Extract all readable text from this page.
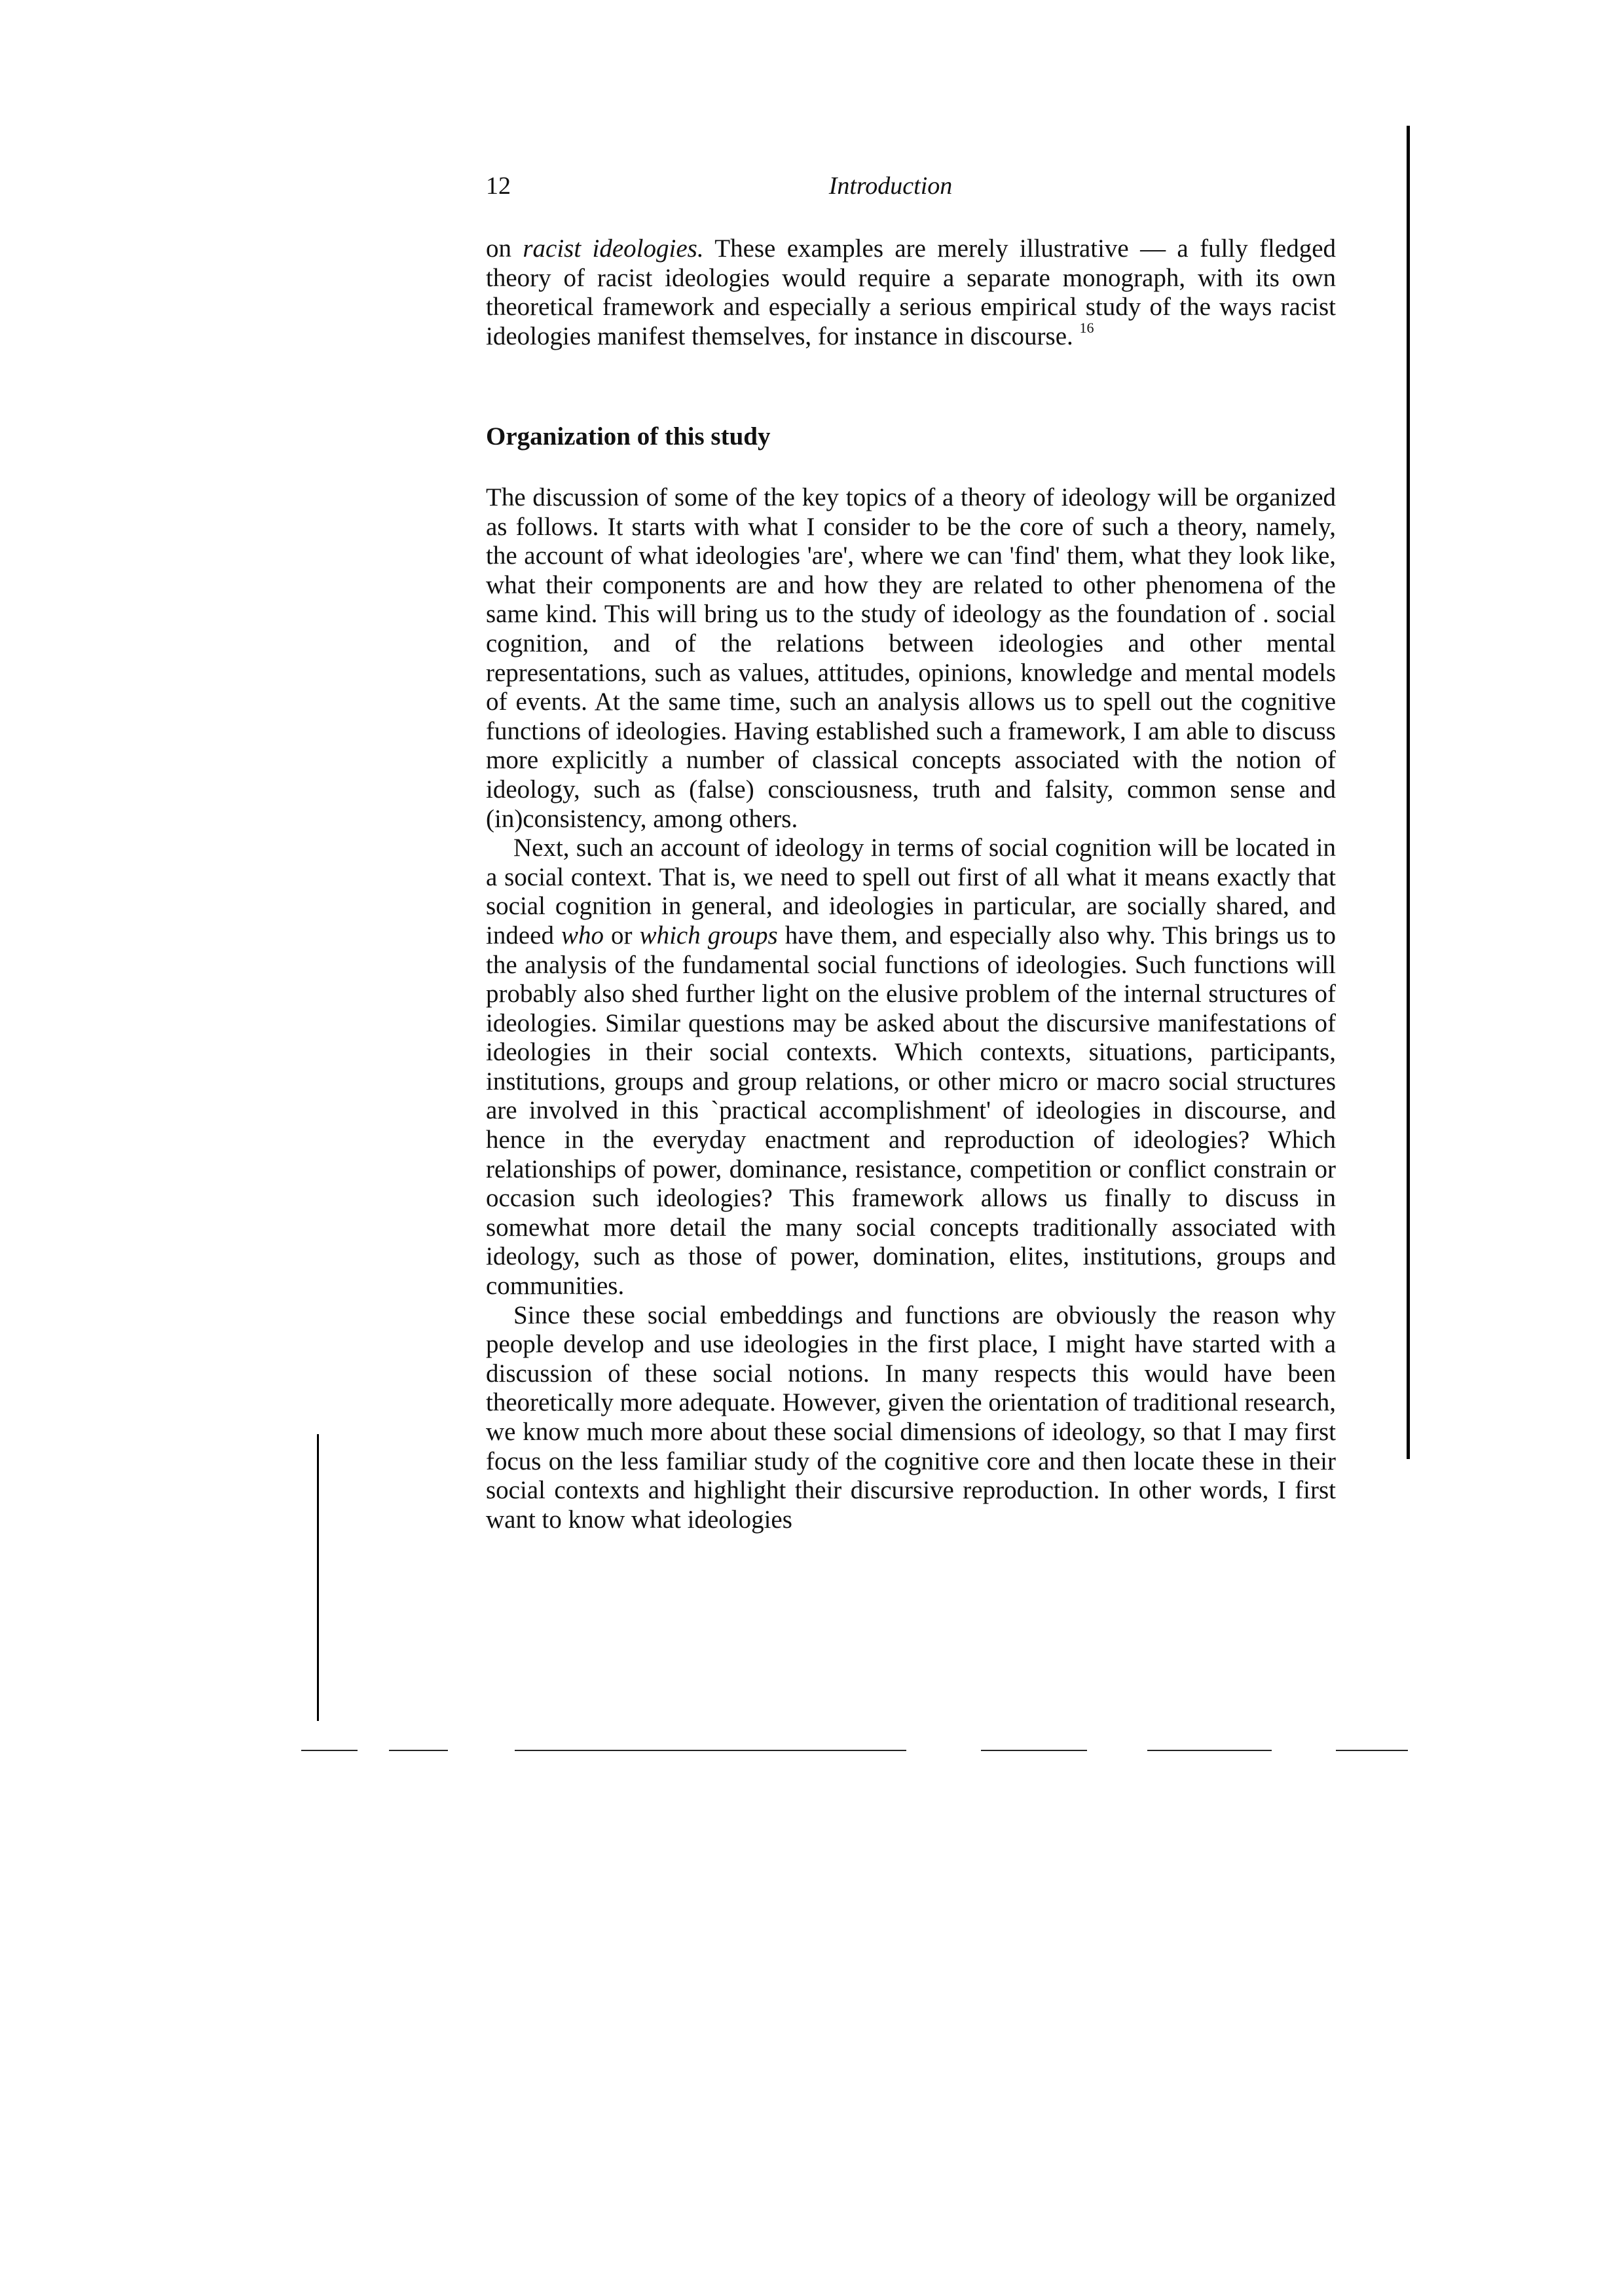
12	Introduction

on racist ideologies. These examples are merely illustrative — a fully fledged theory of racist ideologies would require a separate monograph, with its own theoretical framework and especially a serious empirical study of the ways racist ideologies manifest themselves, for instance in discourse. $^{16}$

Organization of this study

The discussion of some of the key topics of a theory of ideology will be organized as follows. It starts with what I consider to be the core of such a theory, namely, the account of what ideologies 'are', where we can 'find' them, what they look like, what their components are and how they are related to other phenomena of the same kind. This will bring us to the study of ideology as the foundation of . social cognition, and of the relations between ideologies and other mental representations, such as values, attitudes, opinions, knowledge and mental models of events. At the same time, such an analysis allows us to spell out the cognitive functions of ideologies. Having established such a framework, I am able to discuss more explicitly a number of classical concepts associated with the notion of ideology, such as (false) consciousness, truth and falsity, common sense and (in)consistency, among others.

Next, such an account of ideology in terms of social cognition will be located in a social context. That is, we need to spell out first of all what it means exactly that social cognition in general, and ideologies in particular, are socially shared, and indeed who or which groups have them, and especially also why. This brings us to the analysis of the fundamental social functions of ideologies. Such functions will probably also shed further light on the elusive problem of the internal structures of ideologies. Similar questions may be asked about the discursive manifestations of ideologies in their social contexts. Which contexts, situations, participants, institutions, groups and group relations, or other micro or macro social structures are involved in this `practical accomplishment' of ideologies in discourse, and hence in the everyday enactment and reproduction of ideologies? Which relationships of power, dominance, resistance, competition or conflict constrain or occasion such ideologies? This framework allows us finally to discuss in somewhat more detail the many social concepts traditionally associated with ideology, such as those of power, domination, elites, institutions, groups and communities.

Since these social embeddings and functions are obviously the reason why people develop and use ideologies in the first place, I might have started with a discussion of these social notions. In many respects this would have been theoretically more adequate. However, given the orientation of traditional research, we know much more about these social dimensions of ideology, so that I may first focus on the less familiar study of the cognitive core and then locate these in their social contexts and highlight their discursive reproduction. In other words, I first want to know what ideologies
